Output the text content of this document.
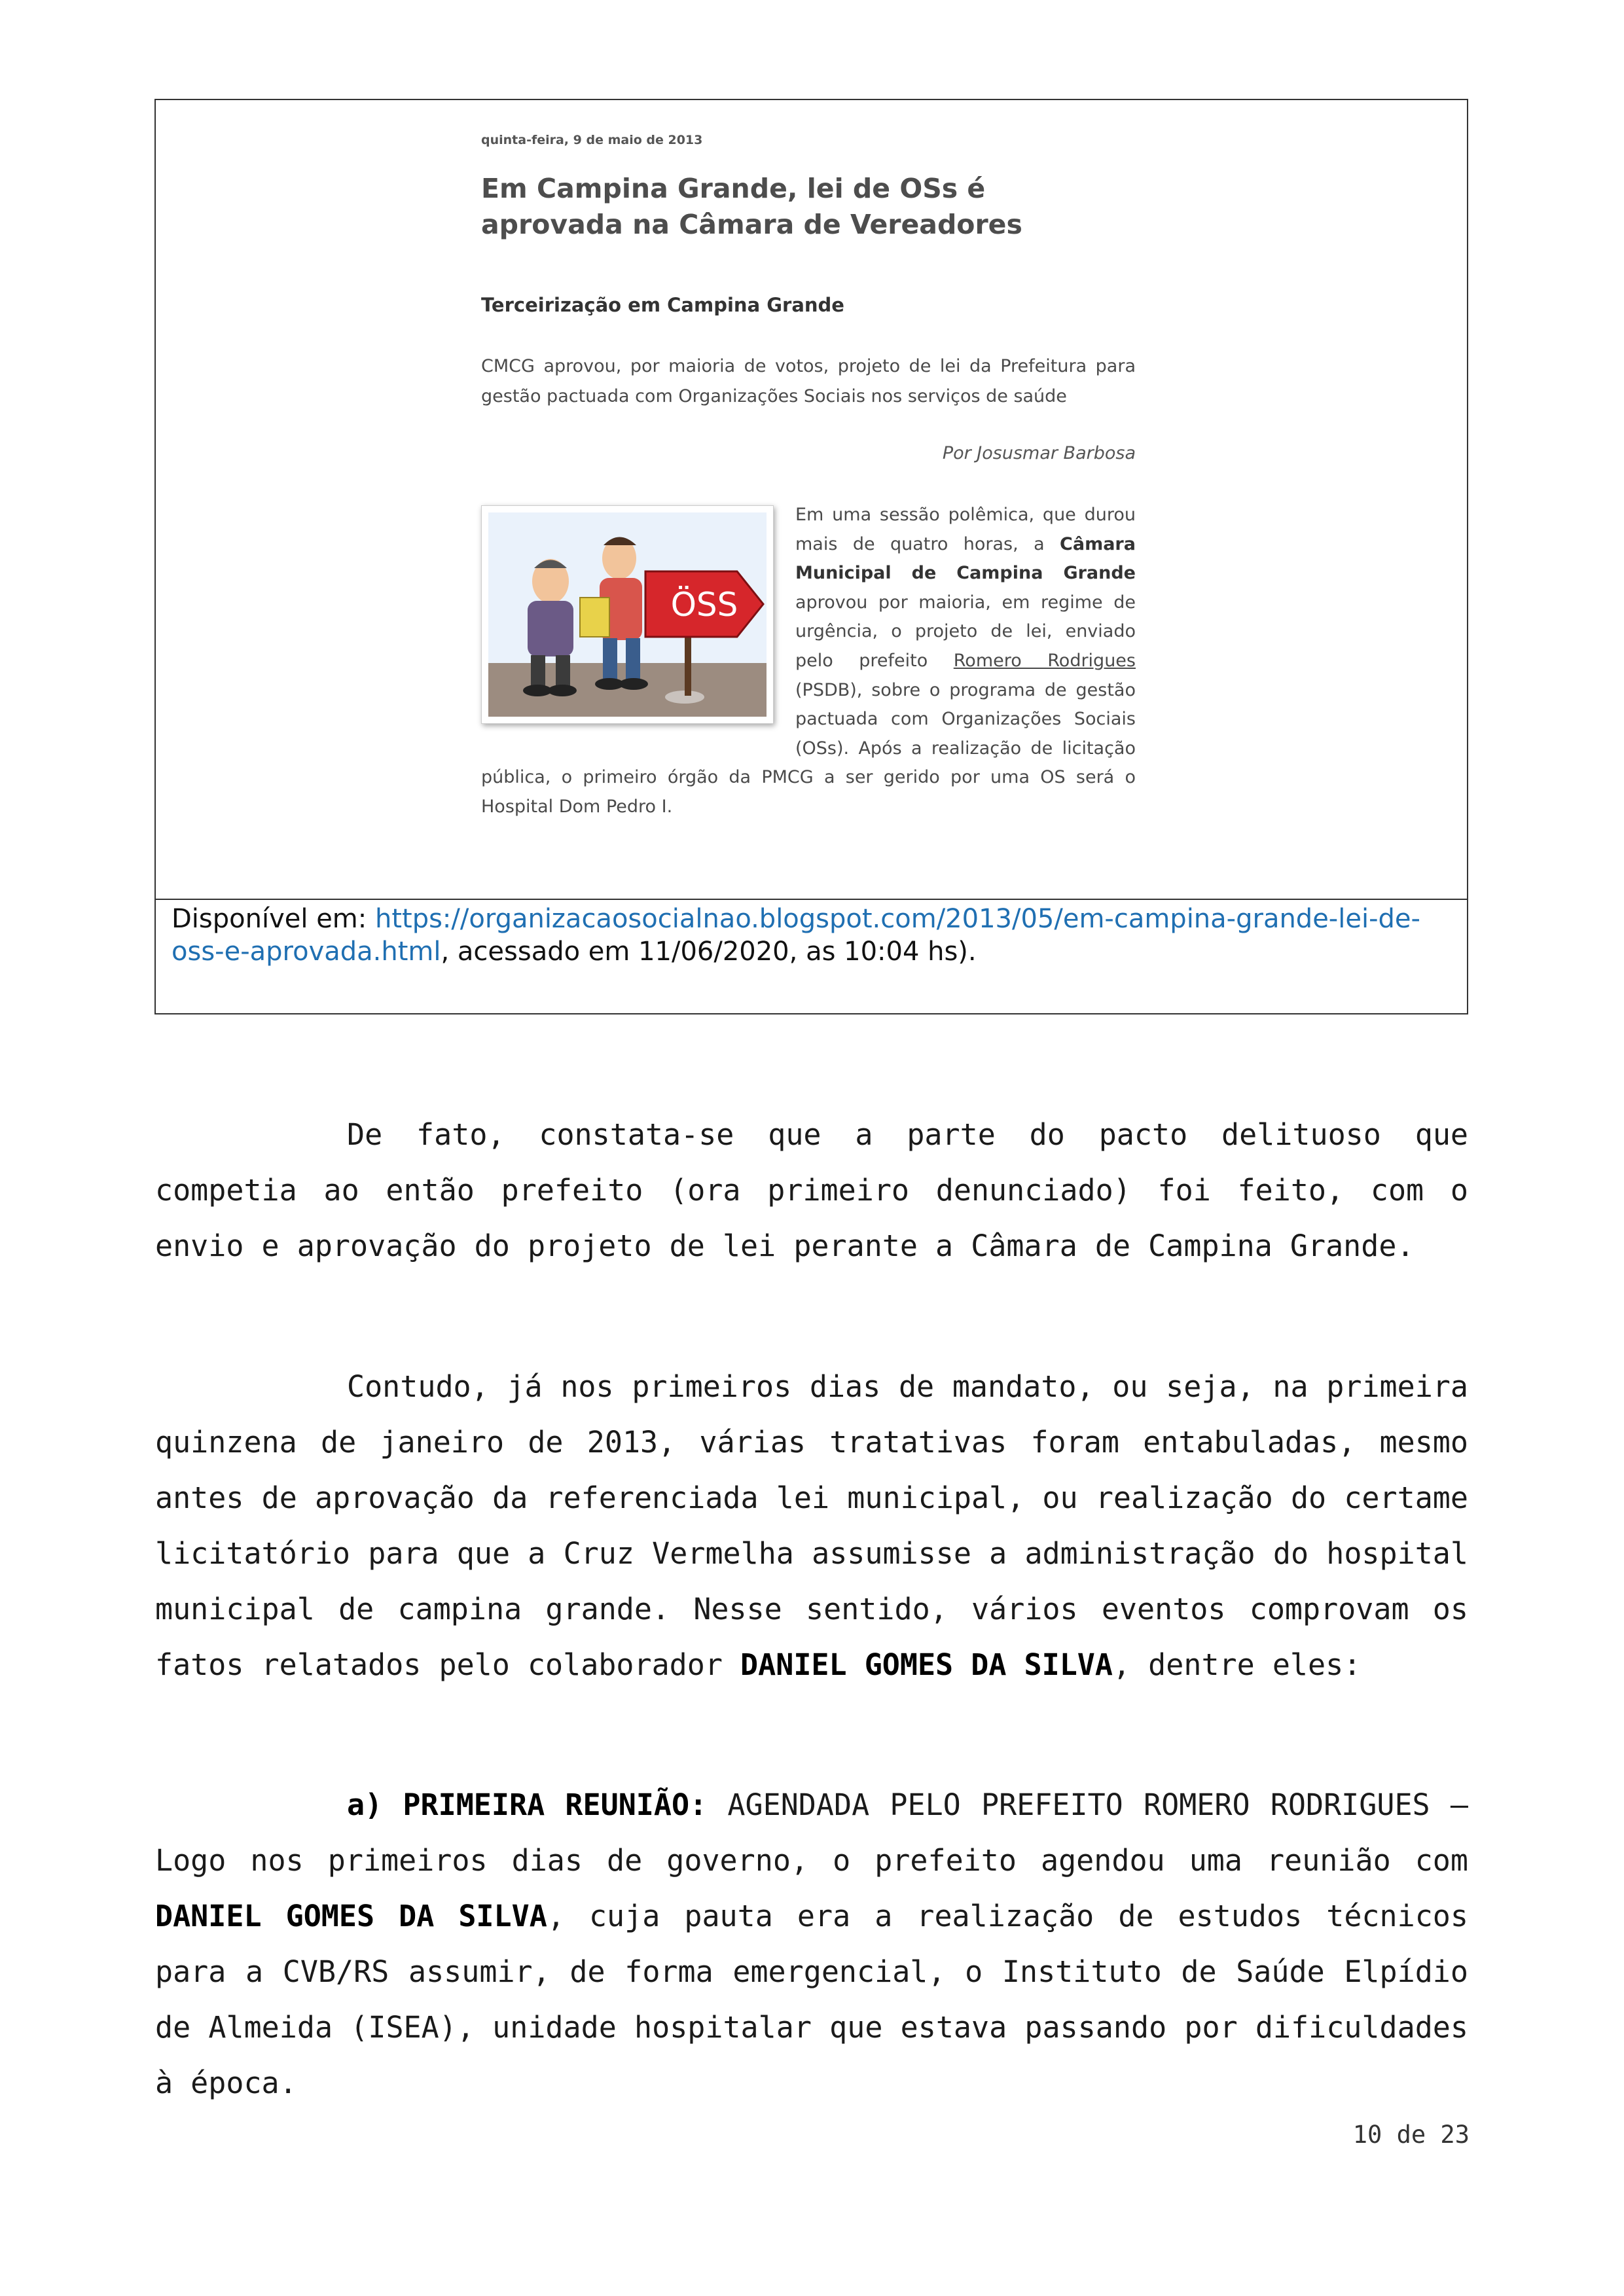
quinta-feira, 9 de maio de 2013
Em Campina Grande, lei de OSs é aprovada na Câmara de Vereadores
Terceirização em Campina Grande
CMCG aprovou, por maioria de votos, projeto de lei da Prefeitura para gestão pactuada com Organizações Sociais nos serviços de saúde
Por Josusmar Barbosa
ÖSS
Em uma sessão polêmica, que durou mais de quatro horas, a Câmara Municipal de Campina Grande aprovou por maioria, em regime de urgência, o projeto de lei, enviado pelo prefeito Romero Rodrigues (PSDB), sobre o programa de gestão pactuada com Organizações Sociais (OSs). Após a realização de licitação pública, o primeiro órgão da PMCG a ser gerido por uma OS será o Hospital Dom Pedro I.
Disponível em: https://organizacaosocialnao.blogspot.com/2013/05/em-campina-grande-lei-de-oss-e-aprovada.html, acessado em 11/06/2020, as 10:04 hs).

De fato, constata-se que a parte do pacto delituoso que competia ao então prefeito (ora primeiro denunciado) foi feito, com o envio e aprovação do projeto de lei perante a Câmara de Campina Grande.

Contudo, já nos primeiros dias de mandato, ou seja, na primeira quinzena de janeiro de 2013, várias tratativas foram entabuladas, mesmo antes de aprovação da referenciada lei municipal, ou realização do certame licitatório para que a Cruz Vermelha assumisse a administração do hospital municipal de campina grande. Nesse sentido, vários eventos comprovam os fatos relatados pelo colaborador DANIEL GOMES DA SILVA, dentre eles:

a) PRIMEIRA REUNIÃO: AGENDADA PELO PREFEITO ROMERO RODRIGUES – Logo nos primeiros dias de governo, o prefeito agendou uma reunião com DANIEL GOMES DA SILVA, cuja pauta era a realização de estudos técnicos para a CVB/RS assumir, de forma emergencial, o Instituto de Saúde Elpídio de Almeida (ISEA), unidade hospitalar que estava passando por dificuldades à época.

10 de 23
